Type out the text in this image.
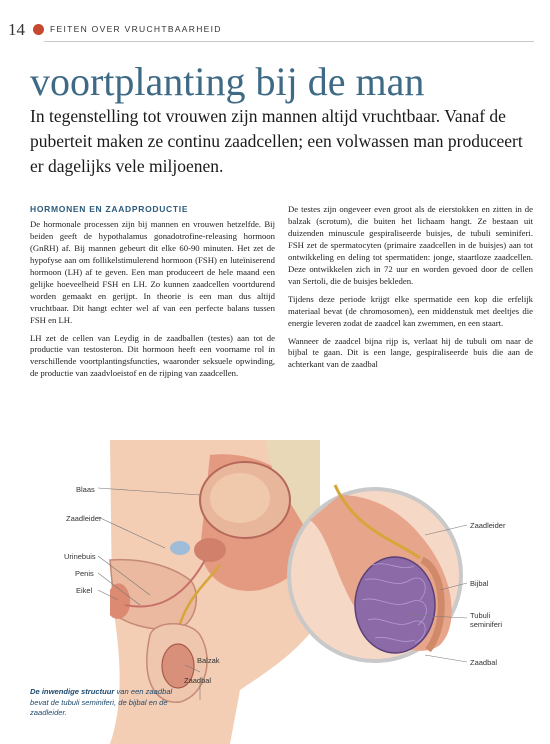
14	FEITEN OVER VRUCHTBAARHEID
voortplanting bij de man

In tegenstelling tot vrouwen zijn mannen altijd vruchtbaar. Vanaf de puberteit maken ze continu zaadcellen; een volwassen man produceert er dagelijks vele miljoenen.

HORMONEN EN ZAADPRODUCTIE

De hormonale processen zijn bij mannen en vrouwen hetzelfde. Bij beiden geeft de hypothalamus gonadotrofine-releasing hormoon (GnRH) af. Bij mannen gebeurt dit elke 60-90 minuten. Het zet de hypofyse aan om follikelstimulerend hormoon (FSH) en luteïniserend hormoon (LH) af te geven. Een man produceert de hele maand een gelijke hoeveelheid FSH en LH. Zo kunnen zaadcellen voortdurend worden gemaakt en gerijpt. In theorie is een man dus altijd vruchtbaar. Dit hangt echter wel af van een perfecte balans tussen FSH en LH.

LH zet de cellen van Leydig in de zaadballen (testes) aan tot de productie van testosteron. Dit hormoon heeft een voorname rol in verschillende voortplantingsfuncties, waaronder seksuele opwinding, de productie van zaadvloeistof en de rijping van zaadcellen.

De testes zijn ongeveer even groot als de eierstokken en zitten in de balzak (scrotum), die buiten het lichaam hangt. Ze bestaan uit duizenden minuscule gespiraliseerde buisjes, de tubuli seminiferi. FSH zet de spermatocyten (primaire zaadcellen in de buisjes) aan tot ontwikkeling en deling tot spermatiden: jonge, staartloze zaadcellen. Deze ontwikkelen zich in 72 uur en worden gevoed door de cellen van Sertoli, die de buisjes bekleden.

Tijdens deze periode krijgt elke spermatide een kop die erfelijk materiaal bevat (de chromosomen), een middenstuk met deeltjes die energie leveren zodat de zaadcel kan zwemmen, en een staart.

Wanneer de zaadcel bijna rijp is, verlaat hij de tubuli om naar de bijbal te gaan. Dit is een lange, gespiraliseerde buis die aan de achterkant van de zaadbal

Blaas
Zaadleider
Urinebuis
Penis
Eikel
Balzak
Zaadbal
Zaadleider
Bijbal
Tubuli
seminiferi
Zaadbal

De inwendige structuur van een zaadbal bevat de tubuli seminiferi, de bijbal en de zaadleider.
